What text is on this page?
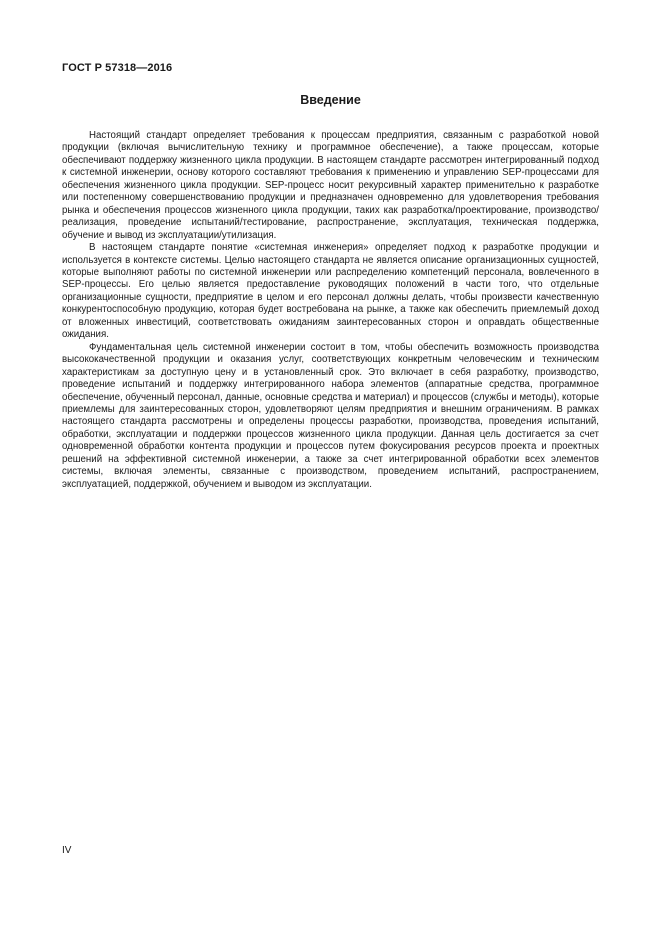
ГОСТ Р 57318—2016
Введение

Настоящий стандарт определяет требования к процессам предприятия, связанным с разработкой новой продукции (включая вычислительную технику и программное обеспечение), а также процессам, которые обеспечивают поддержку жизненного цикла продукции. В настоящем стандарте рассмотрен интегрированный подход к системной инженерии, основу которого составляют требования к применению и управлению SEP-процессами для обеспечения жизненного цикла продукции. SEP-процесс носит рекурсивный характер применительно к разработке или постепенному совершенствованию продукции и предназначен одновременно для удовлетворения требования рынка и обеспечения процессов жизненного цикла продукции, таких как разработка/проектирование, производство/реализация, проведение испытаний/тестирование, распространение, эксплуатация, техническая поддержка, обучение и вывод из эксплуатации/утилизация.

В настоящем стандарте понятие «системная инженерия» определяет подход к разработке продукции и используется в контексте системы. Целью настоящего стандарта не является описание организационных сущностей, которые выполняют работы по системной инженерии или распределению компетенций персонала, вовлеченного в SEP-процессы. Его целью является предоставление руководящих положений в части того, что отдельные организационные сущности, предприятие в целом и его персонал должны делать, чтобы произвести качественную конкурентоспособную продукцию, которая будет востребована на рынке, а также как обеспечить приемлемый доход от вложенных инвестиций, соответствовать ожиданиям заинтересованных сторон и оправдать общественные ожидания.

Фундаментальная цель системной инженерии состоит в том, чтобы обеспечить возможность производства высококачественной продукции и оказания услуг, соответствующих конкретным человеческим и техническим характеристикам за доступную цену и в установленный срок. Это включает в себя разработку, производство, проведение испытаний и поддержку интегрированного набора элементов (аппаратные средства, программное обеспечение, обученный персонал, данные, основные средства и материал) и процессов (службы и методы), которые приемлемы для заинтересованных сторон, удовлетворяют целям предприятия и внешним ограничениям. В рамках настоящего стандарта рассмотрены и определены процессы разработки, производства, проведения испытаний, обработки, эксплуатации и поддержки процессов жизненного цикла продукции. Данная цель достигается за счет одновременной обработки контента продукции и процессов путем фокусирования ресурсов проекта и проектных решений на эффективной системной инженерии, а также за счет интегрированной обработки всех элементов системы, включая элементы, связанные с производством, проведением испытаний, распространением, эксплуатацией, поддержкой, обучением и выводом из эксплуатации.

IV
